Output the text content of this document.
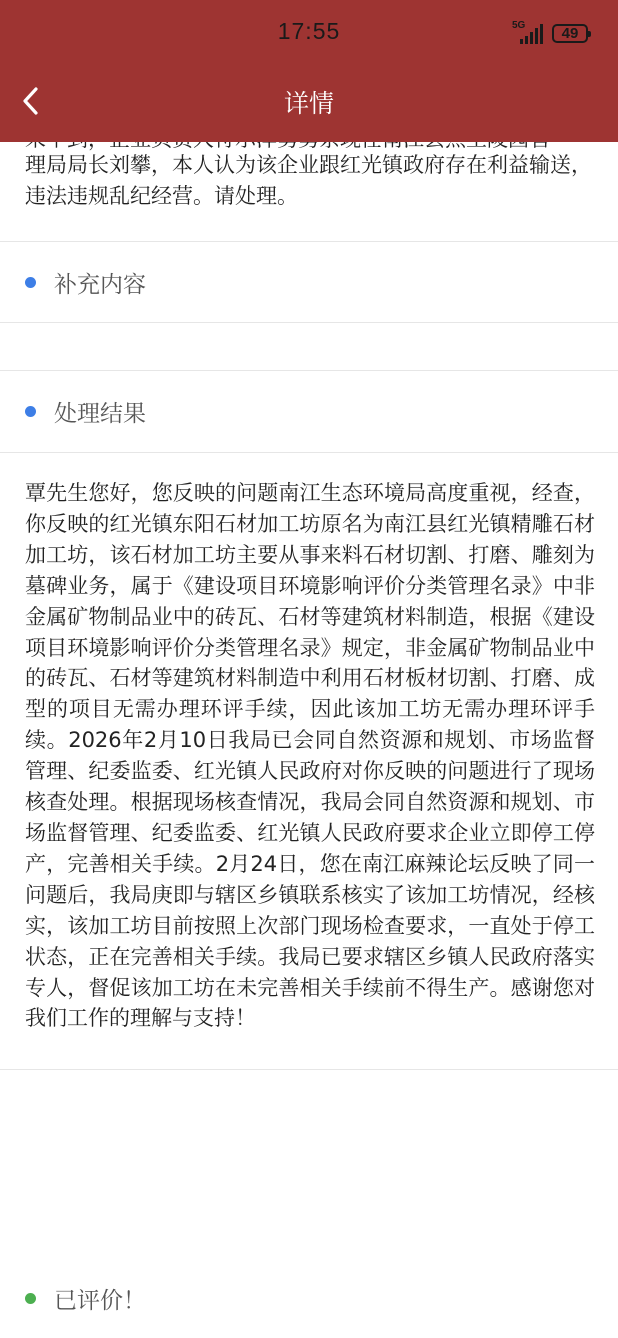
理局局长刘攀，本人认为该企业跟红光镇政府存在利益输送，违法违规乱纪经营。请处理。
补充内容
处理结果
覃先生您好，您反映的问题南江生态环境局高度重视，经查，你反映的红光镇东阳石材加工坊原名为南江县红光镇精雕石材加工坊，该石材加工坊主要从事来料石材切割、打磨、雕刻为墓碑业务，属于《建设项目环境影响评价分类管理名录》中非金属矿物制品业中的砖瓦、石材等建筑材料制造，根据《建设项目环境影响评价分类管理名录》规定，非金属矿物制品业中的砖瓦、石材等建筑材料制造中利用石材板材切割、打磨、成型的项目无需办理环评手续，因此该加工坊无需办理环评手续。2026年2月10日我局已会同自然资源和规划、市场监督管理、纪委监委、红光镇人民政府对你反映的问题进行了现场核查处理。根据现场核查情况，我局会同自然资源和规划、市场监督管理、纪委监委、红光镇人民政府要求企业立即停工停产，完善相关手续。2月24日，您在南江麻辣论坛反映了同一问题后，我局庚即与辖区乡镇联系核实了该加工坊情况，经核实，该加工坊目前按照上次部门现场检查要求，一直处于停工状态，正在完善相关手续。我局已要求辖区乡镇人民政府落实专人，督促该加工坊在未完善相关手续前不得生产。感谢您对我们工作的理解与支持！
已评价！
17:55	5G 49
详情
